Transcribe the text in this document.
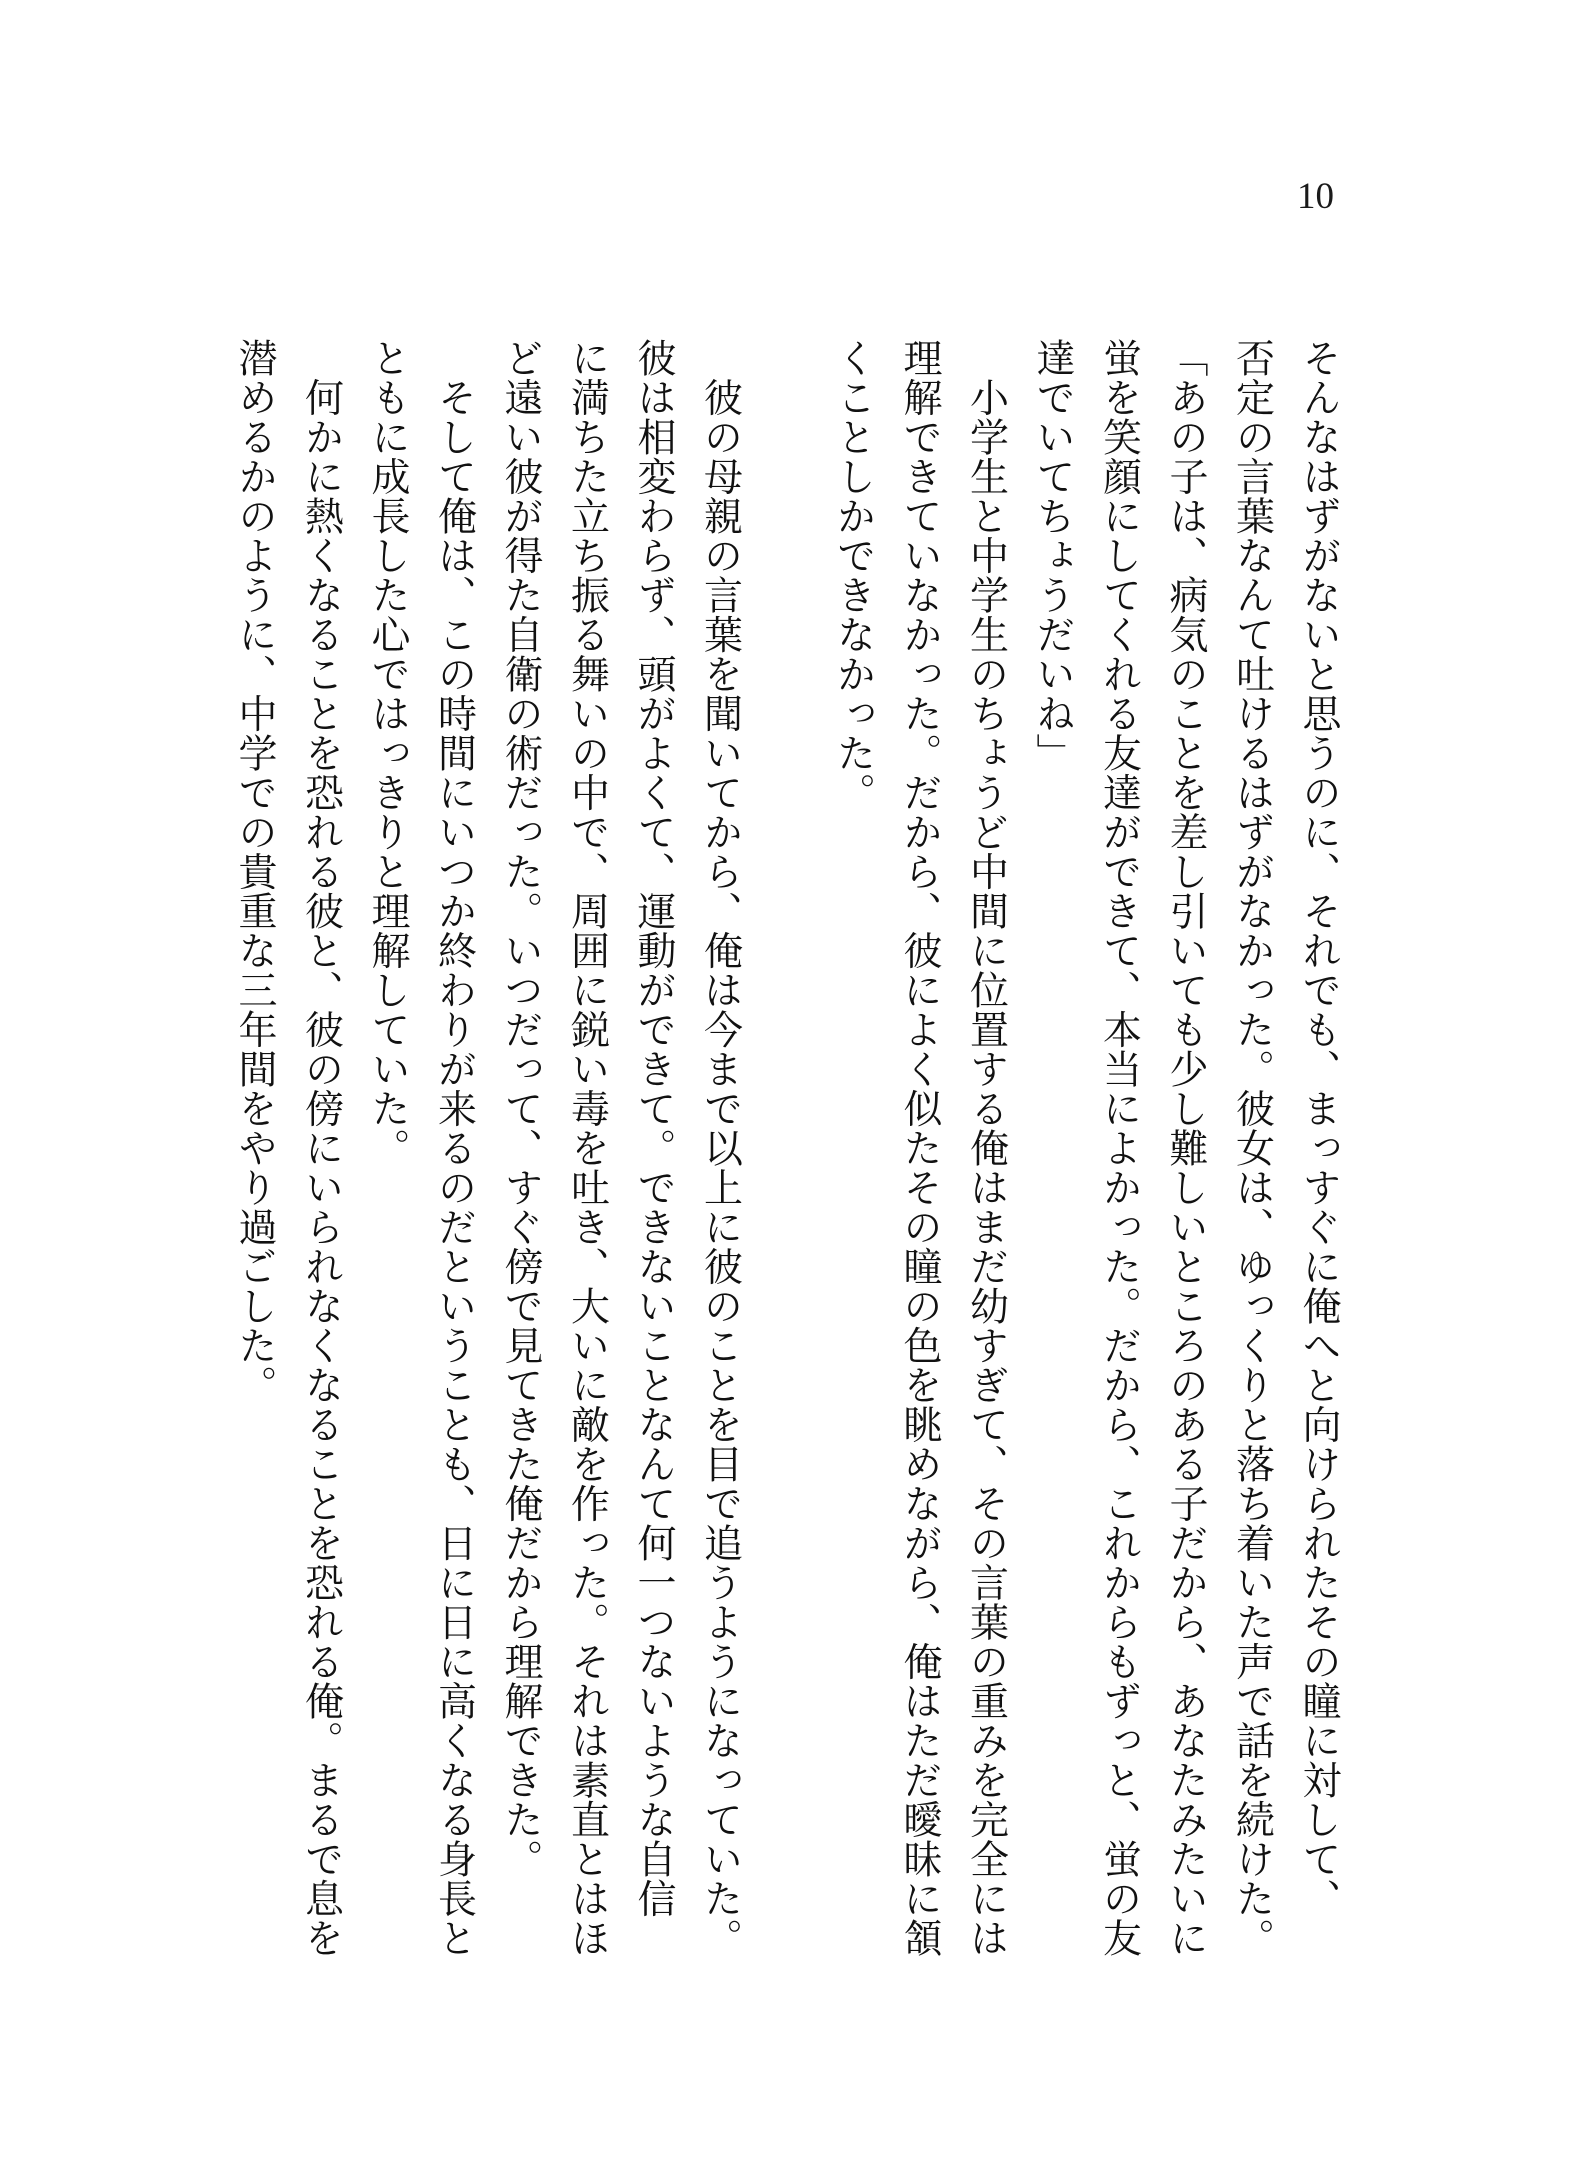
10
そんなはずがないと思うのに、それでも、まっすぐに俺へと向けられたその瞳に対して、
否定の言葉なんて吐けるはずがなかった。彼女は、ゆっくりと落ち着いた声で話を続けた。
「あの子は、病気のことを差し引いても少し難しいところのある子だから、あなたみたいに
蛍を笑顔にしてくれる友達ができて、本当によかった。だから、これからもずっと、蛍の友
達でいてちょうだいね」
　小学生と中学生のちょうど中間に位置する俺はまだ幼すぎて、その言葉の重みを完全には
理解できていなかった。だから、彼によく似たその瞳の色を眺めながら、俺はただ曖昧に頷
くことしかできなかった。
　彼の母親の言葉を聞いてから、俺は今まで以上に彼のことを目で追うようになっていた。
彼は相変わらず、頭がよくて、運動ができて。できないことなんて何一つないような自信
に満ちた立ち振る舞いの中で、周囲に鋭い毒を吐き、大いに敵を作った。それは素直とはほ
ど遠い彼が得た自衛の術だった。いつだって、すぐ傍で見てきた俺だから理解できた。
　そして俺は、この時間にいつか終わりが来るのだということも、日に日に高くなる身長と
ともに成長した心ではっきりと理解していた。
　何かに熱くなることを恐れる彼と、彼の傍にいられなくなることを恐れる俺。まるで息を
潜めるかのように、中学での貴重な三年間をやり過ごした。
